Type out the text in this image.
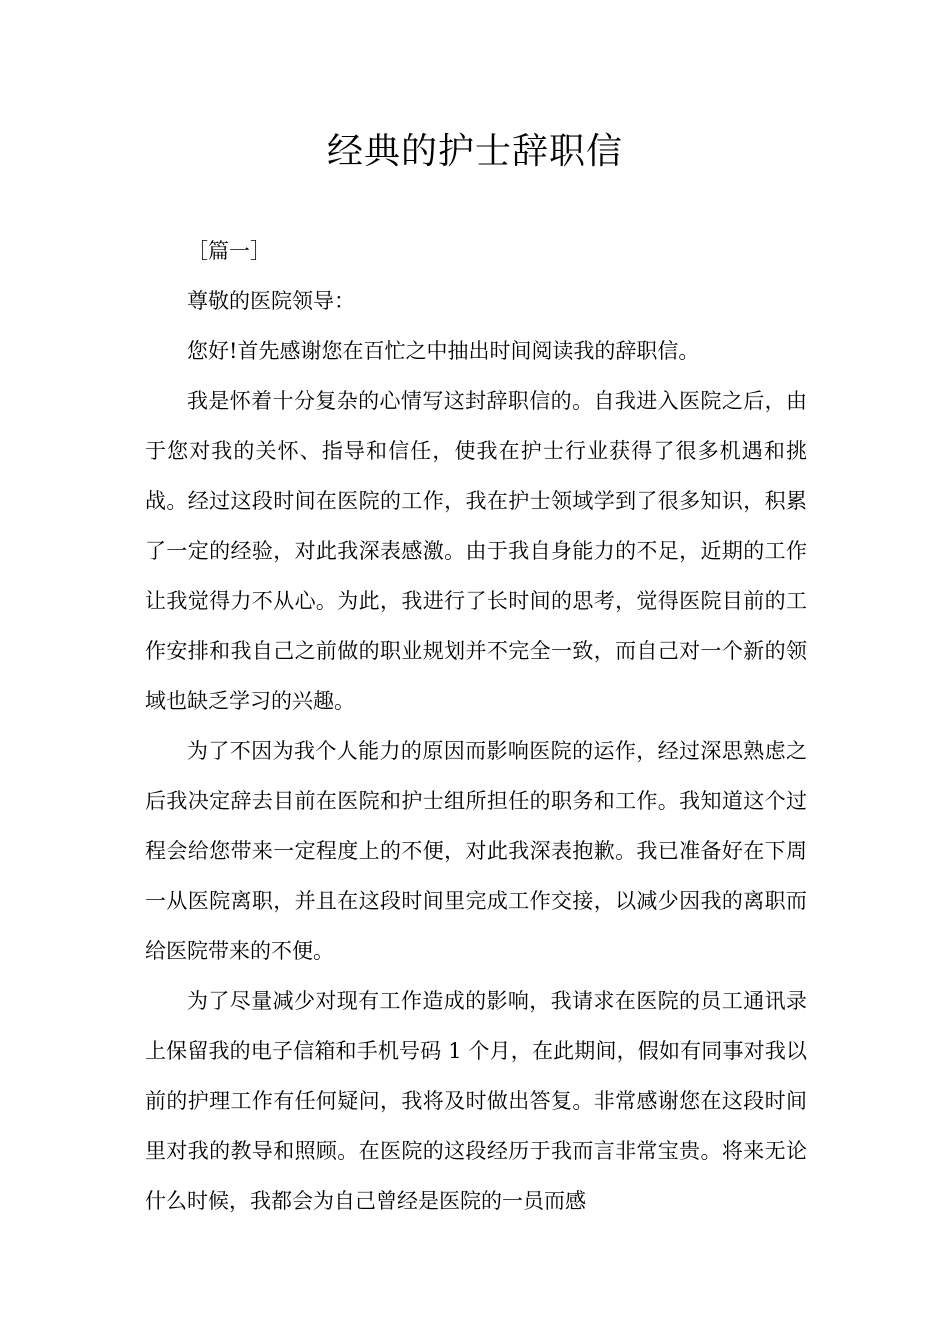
经典的护士辞职信

［篇一］

尊敬的医院领导：

您好!首先感谢您在百忙之中抽出时间阅读我的辞职信。

我是怀着十分复杂的心情写这封辞职信的。自我进入医院之后，由于您对我的关怀、指导和信任，使我在护士行业获得了很多机遇和挑战。经过这段时间在医院的工作，我在护士领域学到了很多知识，积累了一定的经验，对此我深表感激。由于我自身能力的不足，近期的工作让我觉得力不从心。为此，我进行了长时间的思考，觉得医院目前的工作安排和我自己之前做的职业规划并不完全一致，而自己对一个新的领域也缺乏学习的兴趣。

为了不因为我个人能力的原因而影响医院的运作，经过深思熟虑之后我决定辞去目前在医院和护士组所担任的职务和工作。我知道这个过程会给您带来一定程度上的不便，对此我深表抱歉。我已准备好在下周一从医院离职，并且在这段时间里完成工作交接，以减少因我的离职而给医院带来的不便。

为了尽量减少对现有工作造成的影响，我请求在医院的员工通讯录上保留我的电子信箱和手机号码 1 个月，在此期间，假如有同事对我以前的护理工作有任何疑问，我将及时做出答复。非常感谢您在这段时间里对我的教导和照顾。在医院的这段经历于我而言非常宝贵。将来无论什么时候，我都会为自己曾经是医院的一员而感
